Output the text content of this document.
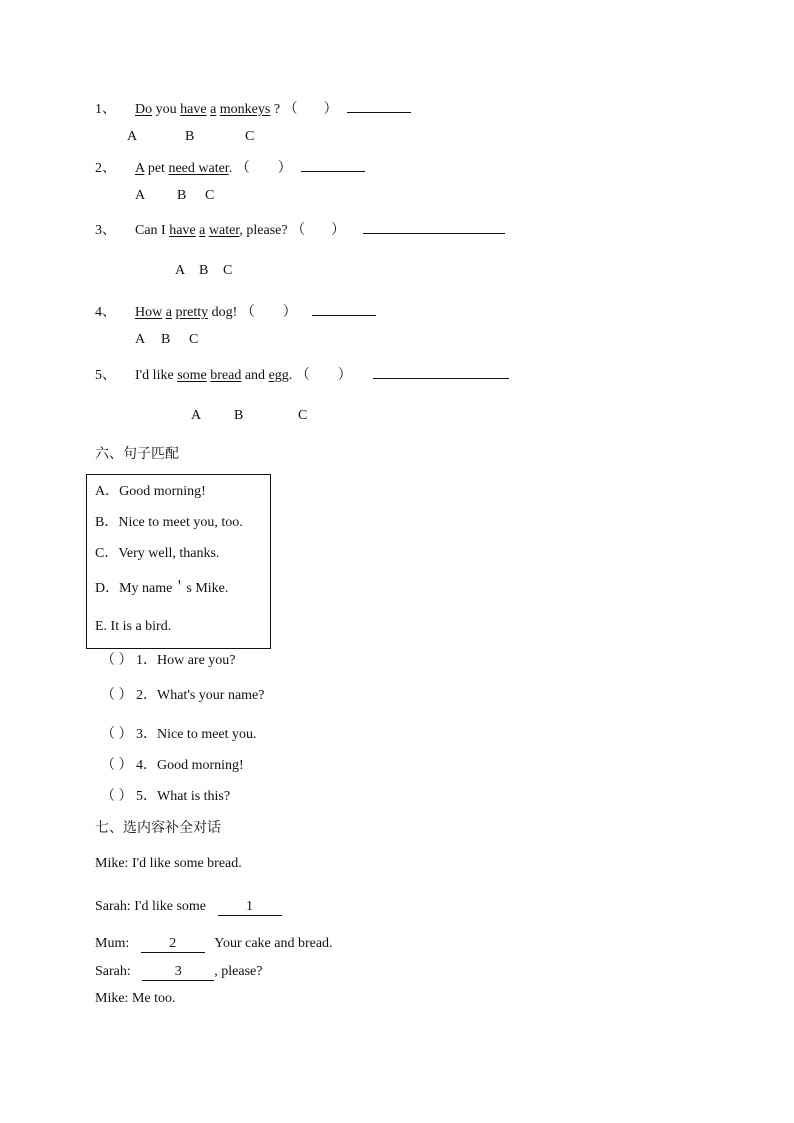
1、 Do you have a monkeys ? （ ）
A	B	C
2、 A pet need water. （ ）
A B C
3、 Can I have a water, please? （ ）
A B C
4、 How a pretty dog! （ ）
A B C
5、 I'd like some bread and egg. （ ）
A B	C
六、句子匹配
A．Good morning!
B．Nice to meet you, too.
C．Very well, thanks.
D．My name＇s Mike.
E. It is a bird.
（ ） 1．How are you?
（ ） 2．What's your name?
（ ） 3．Nice to meet you.
（ ） 4．Good morning!
（ ） 5．What is this?
七、选内容补全对话
Mike: I'd like some bread.
Sarah: I'd like some	1
Mum:	2	Your cake and bread.
Sarah:	3 , please?
Mike: Me too.
